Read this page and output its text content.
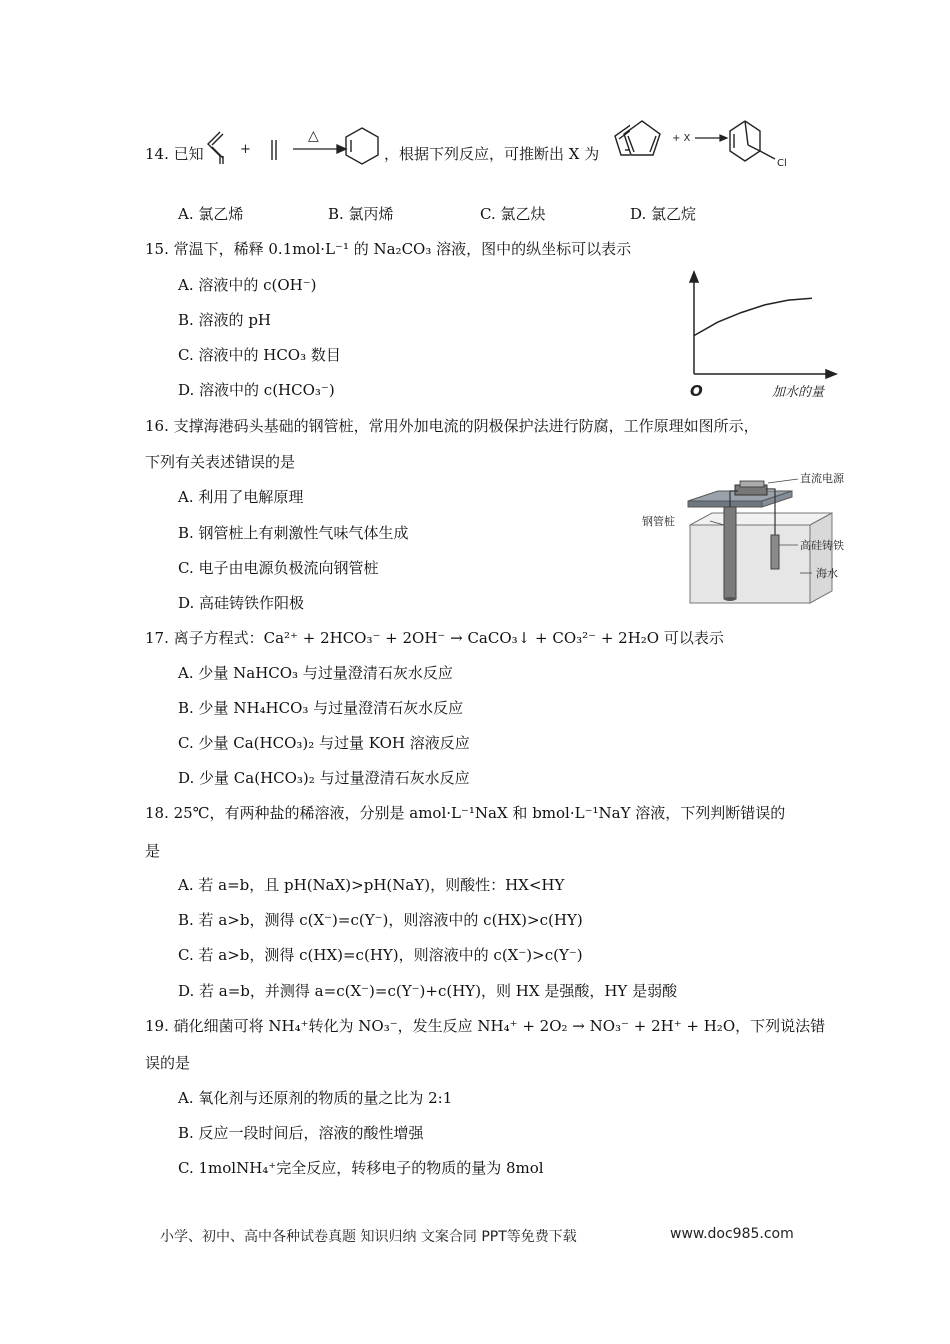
14. 已知	+
△
，根据下列反应，可推断出 X 为
+ X
Cl
A. 氯乙烯	B. 氯丙烯	C. 氯乙炔	D. 氯乙烷
15. 常温下，稀释 0.1mol·L⁻¹ 的 Na₂CO₃ 溶液，图中的纵坐标可以表示
A. 溶液中的 c(OH⁻)
B. 溶液的 pH
C. 溶液中的 HCO₃ 数目
D. 溶液中的 c(HCO₃⁻)	O	加水的量
16. 支撑海港码头基础的钢管桩，常用外加电流的阴极保护法进行防腐，工作原理如图所示，
下列有关表述错误的是
A. 利用了电解原理
B. 钢管桩上有刺激性气味气体生成
C. 电子由电源负极流向钢管桩
D. 高硅铸铁作阳极
直流电源
钢管桩
高硅铸铁
海水
17. 离子方程式：Ca²⁺ + 2HCO₃⁻ + 2OH⁻ → CaCO₃↓ + CO₃²⁻ + 2H₂O 可以表示
A. 少量 NaHCO₃ 与过量澄清石灰水反应
B. 少量 NH₄HCO₃ 与过量澄清石灰水反应
C. 少量 Ca(HCO₃)₂ 与过量 KOH 溶液反应
D. 少量 Ca(HCO₃)₂ 与过量澄清石灰水反应
18. 25℃，有两种盐的稀溶液，分别是 amol·L⁻¹NaX 和 bmol·L⁻¹NaY 溶液，下列判断错误的
是
A. 若 a=b，且 pH(NaX)>pH(NaY)，则酸性：HX<HY
B. 若 a>b，测得 c(X⁻)=c(Y⁻)，则溶液中的 c(HX)>c(HY)
C. 若 a>b，测得 c(HX)=c(HY)，则溶液中的 c(X⁻)>c(Y⁻)
D. 若 a=b，并测得 a=c(X⁻)=c(Y⁻)+c(HY)，则 HX 是强酸，HY 是弱酸
19. 硝化细菌可将 NH₄⁺转化为 NO₃⁻，发生反应 NH₄⁺ + 2O₂ → NO₃⁻ + 2H⁺ + H₂O，下列说法错
误的是
A. 氧化剂与还原剂的物质的量之比为 2:1
B. 反应一段时间后，溶液的酸性增强
C. 1molNH₄⁺完全反应，转移电子的物质的量为 8mol
小学、初中、高中各种试卷真题 知识归纳 文案合同 PPT等免费下载	www.doc985.com
